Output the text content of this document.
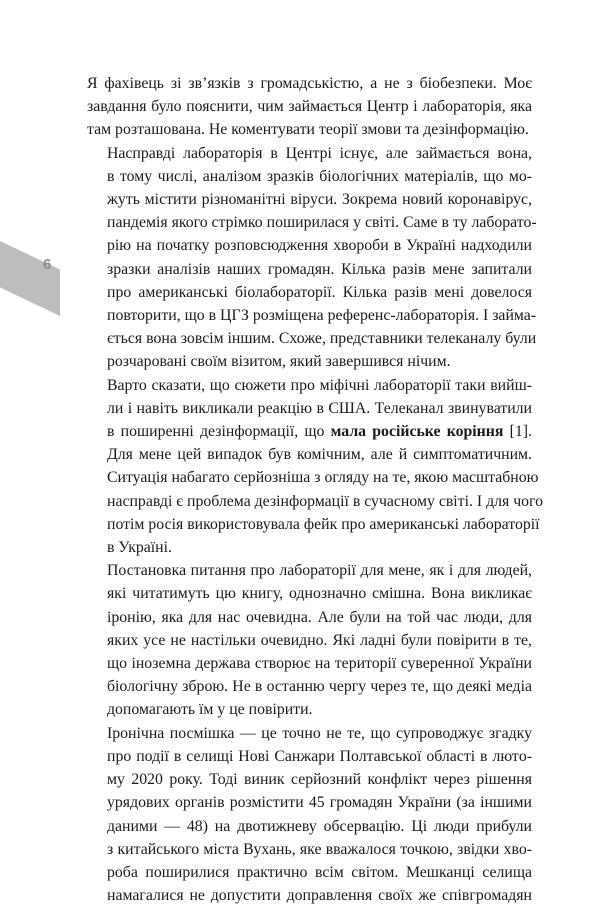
6

Я фахівець зі зв’язків з громадськістю, а не з біобезпеки. Моє
завдання було пояснити, чим займається Центр і лабораторія, яка
там розташована. Не коментувати теорії змови та дезінформацію.

Насправді лабораторія в Центрі існує, але займається вона,
в тому числі, аналізом зразків біологічних матеріалів, що мо-
жуть містити різноманітні віруси. Зокрема новий коронавірус,
пандемія якого стрімко поширилася у світі. Саме в ту лаборато-
рію на початку розповсюдження хвороби в Україні надходили
зразки аналізів наших громадян. Кілька разів мене запитали
про американські біолабораторії. Кілька разів мені довелося
повторити, що в ЦГЗ розміщена референс-лабораторія. І займа-
ється вона зовсім іншим. Схоже, представники телеканалу були
розчаровані своїм візитом, який завершився нічим.

Варто сказати, що сюжети про міфічні лабораторії таки вийш-
ли і навіть викликали реакцію в США. Телеканал звинуватили
в поширенні дезінформації, що мала російське коріння [1].
Для мене цей випадок був комічним, але й симптоматичним.
Ситуація набагато серйозніша з огляду на те, якою масштабною
насправді є проблема дезінформації в сучасному світі. І для чого
потім росія використовувала фейк про американські лабораторії
в Україні.

Постановка питання про лабораторії для мене, як і для людей,
які читатимуть цю книгу, однозначно смішна. Вона викликає
іронію, яка для нас очевидна. Але були на той час люди, для
яких усе не настільки очевидно. Які ладні були повірити в те,
що іноземна держава створює на території суверенної України
біологічну зброю. Не в останню чергу через те, що деякі медіа
допомагають їм у це повірити.

Іронічна посмішка — це точно не те, що супроводжує згадку
про події в селищі Нові Санжари Полтавської області в лютo-
му 2020 року. Тоді виник серйозний конфлікт через рішення
урядових органів розмістити 45 громадян України (за іншими
даними — 48) на двотижневу обсервацію. Ці люди прибули
з китайського міста Вухань, яке вважалося точкою, звідки хво-
роба поширилися практично всім світом. Мешканці селища
намагалися не допустити доправлення своїх же співгромадян
